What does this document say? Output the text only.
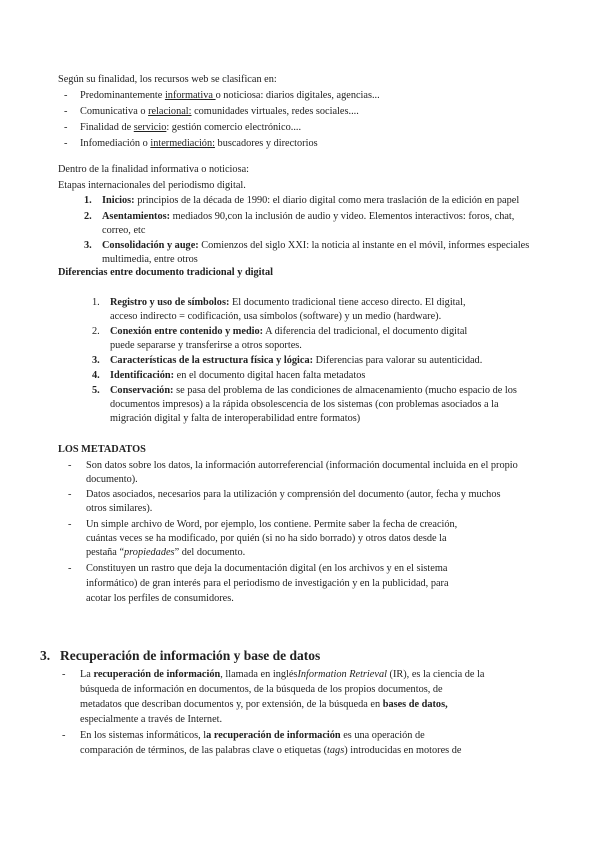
Según su finalidad, los recursos web se clasifican en:
- Predominantemente informativa o noticiosa: diarios digitales, agencias...
- Comunicativa o relacional: comunidades virtuales, redes sociales....
- Finalidad de servicio: gestión comercio electrónico....
- Infomediación o intermediación: buscadores y directorios
Dentro de la finalidad informativa o noticiosa:
Etapas internacionales del periodismo digital.
1. Inicios: principios de la década de 1990: el diario digital como mera traslación de la edición en papel
2. Asentamientos: mediados 90,con la inclusión de audio y video. Elementos interactivos: foros, chat,
correo, etc
3. Consolidación y auge: Comienzos del siglo XXI: la noticia al instante en el móvil, informes especiales
multimedia, entre otros
Diferencias entre documento tradicional y digital
1. Registro y uso de símbolos: El documento tradicional tiene acceso directo. El digital,
acceso indirecto = codificación, usa símbolos (software) y un medio (hardware).
2. Conexión entre contenido y medio: A diferencia del tradicional, el documento digital
puede separarse y transferirse a otros soportes.
3. Características de la estructura física y lógica: Diferencias para valorar su autenticidad.
4. Identificación: en el documento digital hacen falta metadatos
5. Conservación: se pasa del problema de las condiciones de almacenamiento (mucho espacio de los
documentos impresos) a la rápida obsolescencia de los sistemas (con problemas asociados a la
migración digital y falta de interoperabilidad entre formatos)
LOS METADATOS
- Son datos sobre los datos, la información autorreferencial (información documental incluida en el propio
documento).
- Datos asociados, necesarios para la utilización y comprensión del documento (autor, fecha y muchos
otros similares).
- Un simple archivo de Word, por ejemplo, los contiene. Permite saber la fecha de creación,
cuántas veces se ha modificado, por quién (si no ha sido borrado) y otros datos desde la
pestaña “propiedades” del documento.
- Constituyen un rastro que deja la documentación digital (en los archivos y en el sistema
informático) de gran interés para el periodismo de investigación y en la publicidad, para
acotar los perfiles de consumidores.
3. Recuperación de información y base de datos
- La recuperación de información, llamada en inglésInformation Retrieval (IR), es la ciencia de la
búsqueda de información en documentos, de la búsqueda de los propios documentos, de
metadatos que describan documentos y, por extensión, de la búsqueda en bases de datos,
especialmente a través de Internet.
- En los sistemas informáticos, la recuperación de información es una operación de
comparación de términos, de las palabras clave o etiquetas (tags) introducidas en motores de
